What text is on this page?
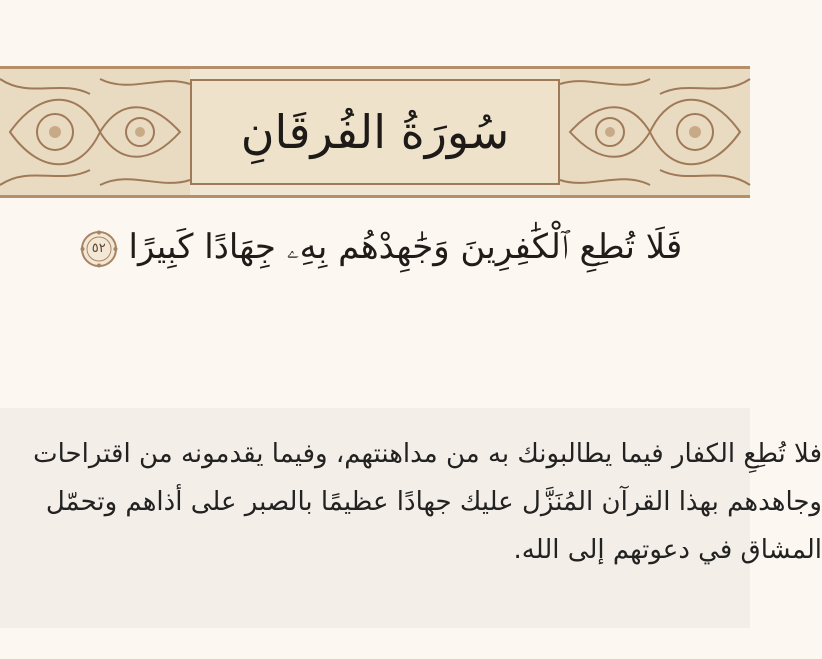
سُورَةُ الفُرقَانِ
فَلَا تُطِعِ ٱلْكَٰفِرِينَ وَجَٰهِدْهُم بِهِۦ جِهَادًا كَبِيرًا
٥٢
فلا تُطِعِ الكفار فيما يطالبونك به من مداهنتهم، وفيما يقدمونه من اقتراحات
وجاهدهم بهذا القرآن المُنَزَّل عليك جهادًا عظيمًا بالصبر على أذاهم وتحمّل
المشاق في دعوتهم إلى الله.
